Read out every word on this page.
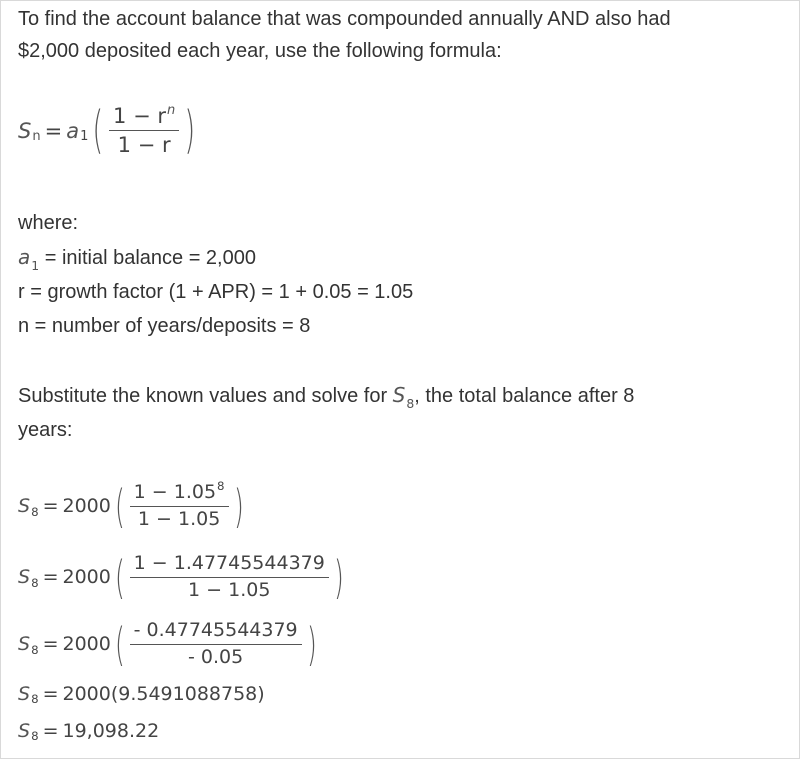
To find the account balance that was compounded annually AND also had
$2,000 deposited each year, use the following formula:
S n = a 1 ( $\frac{1 - r^n}{1 - r}$ )
where:
$a_1$ = initial balance = 2,000
r = growth factor (1 + APR) = 1 + 0.05 = 1.05
n = number of years/deposits = 8
Substitute the known values and solve for $S_8$, the total balance after 8
years:
S 8 = 2000 ( $\frac{1 - 1.05^8}{1 - 1.05}$ )
S 8 = 2000 ( $\frac{1 - 1.47745544379}{1 - 1.05}$ )
S 8 = 2000 ( $\frac{- 0.47745544379}{- 0.05}$ )
S 8 = 2000(9.5491088758)
S 8 = 19,098.22
